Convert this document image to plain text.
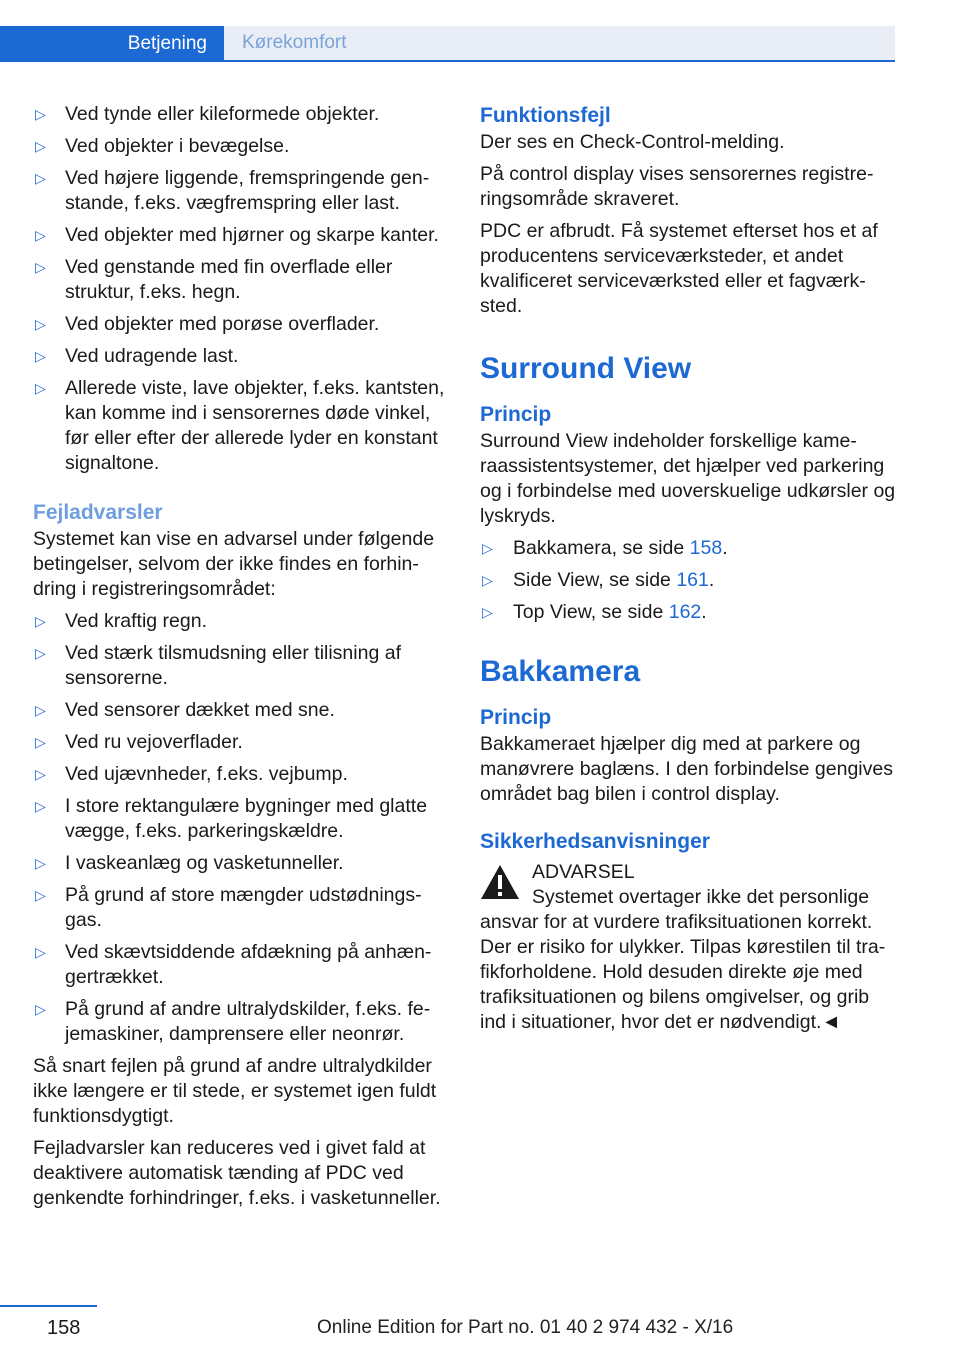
Betjening	Kørekomfort
▷ Ved tynde eller kileformede objekter.
▷ Ved objekter i bevægelse.
▷ Ved højere liggende, fremspringende genstande, f.eks. vægfremspring eller last.
▷ Ved objekter med hjørner og skarpe kanter.
▷ Ved genstande med fin overflade eller struktur, f.eks. hegn.
▷ Ved objekter med porøse overflader.
▷ Ved udragende last.
▷ Allerede viste, lave objekter, f.eks. kantsten, kan komme ind i sensorernes døde vinkel, før eller efter der allerede lyder en konstant signaltone.
Fejladvarsler

Systemet kan vise en advarsel under følgende betingelser, selvom der ikke findes en forhindring i registreringsområdet:

▷ Ved kraftig regn.
▷ Ved stærk tilsmudsning eller tilisning af sensorerne.
▷ Ved sensorer dækket med sne.
▷ Ved ru vejoverflader.
▷ Ved ujævnheder, f.eks. vejbump.
▷ I store rektangulære bygninger med glatte vægge, f.eks. parkeringskældre.
▷ I vaskeanlæg og vasketunneller.
▷ På grund af store mængder udstødningsgas.
▷ Ved skævtsiddende afdækning på anhængertrækket.
▷ På grund af andre ultralydskilder, f.eks. fejemaskiner, damprensere eller neonrør.

Så snart fejlen på grund af andre ultralydkilder ikke længere er til stede, er systemet igen fuldt funktionsdygtigt.

Fejladvarsler kan reduceres ved i givet fald at deaktivere automatisk tænding af PDC ved genkendte forhindringer, f.eks. i vasketunneller.

Funktionsfejl

Der ses en Check-Control-melding.

På control display vises sensorernes registreringsområde skraveret.

PDC er afbrudt. Få systemet efterset hos et af producentens serviceværksteder, et andet kvalificeret serviceværksted eller et fagværksted.

Surround View
Princip

Surround View indeholder forskellige kameraassistentsystemer, det hjælper ved parkering og i forbindelse med uoverskuelige udkørsler og lyskryds.

▷ Bakkamera, se side 158.
▷ Side View, se side 161.
▷ Top View, se side 162.
Bakkamera
Princip

Bakkameraet hjælper dig med at parkere og manøvrere baglæns. I den forbindelse gengives området bag bilen i control display.

Sikkerhedsanvisninger
ADVARSEL
Systemet overtager ikke det personlige ansvar for at vurdere trafiksituationen korrekt. Der er risiko for ulykker. Tilpas kørestilen til trafikforholdene. Hold desuden direkte øje med trafiksituationen og bilens omgivelser, og grib ind i situationer, hvor det er nødvendigt.◄
158	Online Edition for Part no. 01 40 2 974 432 - X/16
